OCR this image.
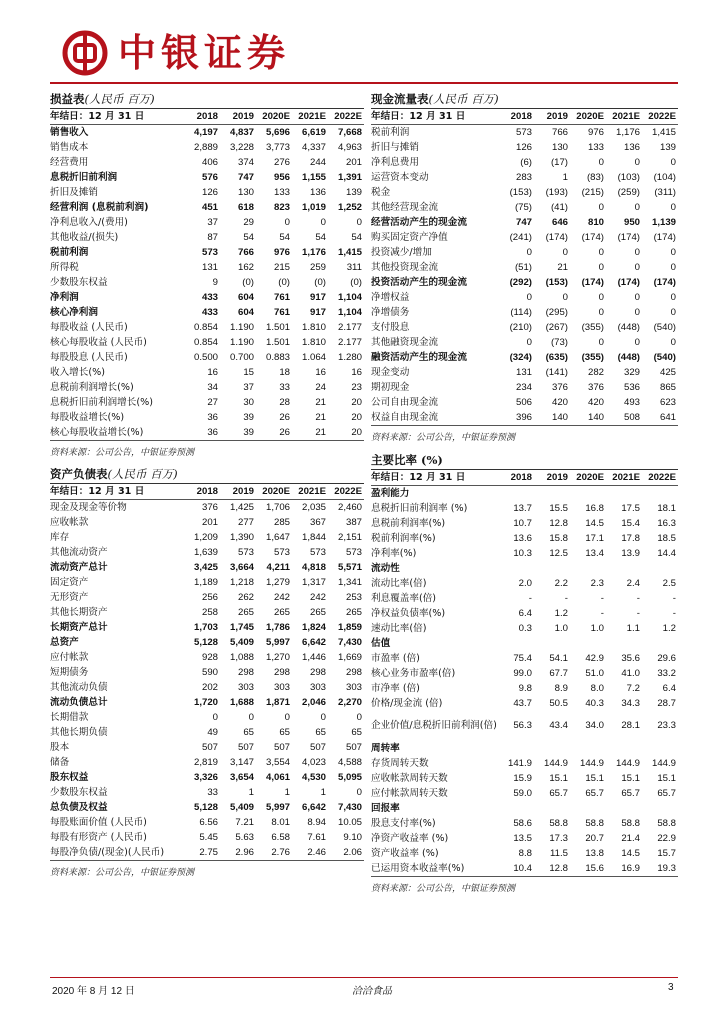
中银证券
损益表(人民币 百万)
年结日：12 月 31 日	2018	2019	2020E	2021E	2022E
销售收入	4,197	4,837	5,696	6,619	7,668
销售成本	2,889	3,228	3,773	4,337	4,963
经营费用	406	374	276	244	201
息税折旧前利润	576	747	956	1,155	1,391
折旧及摊销	126	130	133	136	139
经营利润 (息税前利润)	451	618	823	1,019	1,252
净利息收入/(费用)	37	29	0	0	0
其他收益/(损失)	87	54	54	54	54
税前利润	573	766	976	1,176	1,415
所得税	131	162	215	259	311
少数股东权益	9	(0)	(0)	(0)	(0)
净利润	433	604	761	917	1,104
核心净利润	433	604	761	917	1,104
每股收益 (人民币)	0.854	1.190	1.501	1.810	2.177
核心每股收益 (人民币)	0.854	1.190	1.501	1.810	2.177
每股股息 (人民币)	0.500	0.700	0.883	1.064	1.280
收入增长(%)	16	15	18	16	16
息税前利润增长(%)	34	37	33	24	23
息税折旧前利润增长(%)	27	30	28	21	20
每股收益增长(%)	36	39	26	21	20
核心每股收益增长(%)	36	39	26	21	20
资料来源：公司公告，中银证券预测
现金流量表(人民币 百万)
年结日：12 月 31 日	2018	2019	2020E	2021E	2022E
税前利润	573	766	976	1,176	1,415
折旧与摊销	126	130	133	136	139
净利息费用	(6)	(17)	0	0	0
运营资本变动	283	1	(83)	(103)	(104)
税金	(153)	(193)	(215)	(259)	(311)
其他经营现金流	(75)	(41)	0	0	0
经营活动产生的现金流	747	646	810	950	1,139
购买固定资产净值	(241)	(174)	(174)	(174)	(174)
投资减少/增加	0	0	0	0	0
其他投资现金流	(51)	21	0	0	0
投资活动产生的现金流	(292)	(153)	(174)	(174)	(174)
净增权益	0	0	0	0	0
净增债务	(114)	(295)	0	0	0
支付股息	(210)	(267)	(355)	(448)	(540)
其他融资现金流	0	(73)	0	0	0
融资活动产生的现金流	(324)	(635)	(355)	(448)	(540)
现金变动	131	(141)	282	329	425
期初现金	234	376	376	536	865
公司自由现金流	506	420	420	493	623
权益自由现金流	396	140	140	508	641
资料来源：公司公告，中银证券预测
资产负债表(人民币 百万)
年结日：12 月 31 日	2018	2019	2020E	2021E	2022E
现金及现金等价物	376	1,425	1,706	2,035	2,460
应收帐款	201	277	285	367	387
库存	1,209	1,390	1,647	1,844	2,151
其他流动资产	1,639	573	573	573	573
流动资产总计	3,425	3,664	4,211	4,818	5,571
固定资产	1,189	1,218	1,279	1,317	1,341
无形资产	256	262	242	242	253
其他长期资产	258	265	265	265	265
长期资产总计	1,703	1,745	1,786	1,824	1,859
总资产	5,128	5,409	5,997	6,642	7,430
应付帐款	928	1,088	1,270	1,446	1,669
短期债务	590	298	298	298	298
其他流动负债	202	303	303	303	303
流动负债总计	1,720	1,688	1,871	2,046	2,270
长期借款	0	0	0	0	0
其他长期负债	49	65	65	65	65
股本	507	507	507	507	507
储备	2,819	3,147	3,554	4,023	4,588
股东权益	3,326	3,654	4,061	4,530	5,095
少数股东权益	33	1	1	1	0
总负债及权益	5,128	5,409	5,997	6,642	7,430
每股账面价值 (人民币)	6.56	7.21	8.01	8.94	10.05
每股有形资产 (人民币)	5.45	5.63	6.58	7.61	9.10
每股净负债/(现金)(人民币)	2.75	2.96	2.76	2.46	2.06
资料来源：公司公告，中银证券预测
主要比率 (%)
年结日：12 月 31 日	2018	2019	2020E	2021E	2022E
盈利能力					
息税折旧前利润率 (%)	13.7	15.5	16.8	17.5	18.1
息税前利润率(%)	10.7	12.8	14.5	15.4	16.3
税前利润率(%)	13.6	15.8	17.1	17.8	18.5
净利率(%)	10.3	12.5	13.4	13.9	14.4
流动性					
流动比率(倍)	2.0	2.2	2.3	2.4	2.5
利息覆盖率(倍)	-	-	-	-	-
净权益负债率(%)	6.4	1.2	-	-	-
速动比率(倍)	0.3	1.0	1.0	1.1	1.2
估值					
市盈率 (倍)	75.4	54.1	42.9	35.6	29.6
核心业务市盈率(倍)	99.0	67.7	51.0	41.0	33.2
市净率 (倍)	9.8	8.9	8.0	7.2	6.4
价格/现金流 (倍)	43.7	50.5	40.3	34.3	28.7
企业价值/息税折旧前利润(倍)	56.3	43.4	34.0	28.1	23.3
周转率					
存货周转天数	141.9	144.9	144.9	144.9	144.9
应收帐款周转天数	15.9	15.1	15.1	15.1	15.1
应付帐款周转天数	59.0	65.7	65.7	65.7	65.7
回报率					
股息支付率(%)	58.6	58.8	58.8	58.8	58.8
净资产收益率 (%)	13.5	17.3	20.7	21.4	22.9
资产收益率 (%)	8.8	11.5	13.8	14.5	15.7
已运用资本收益率(%)	10.4	12.8	15.6	16.9	19.3
资料来源：公司公告，中银证券预测
2020 年 8 月 12 日	洽洽食品	3
